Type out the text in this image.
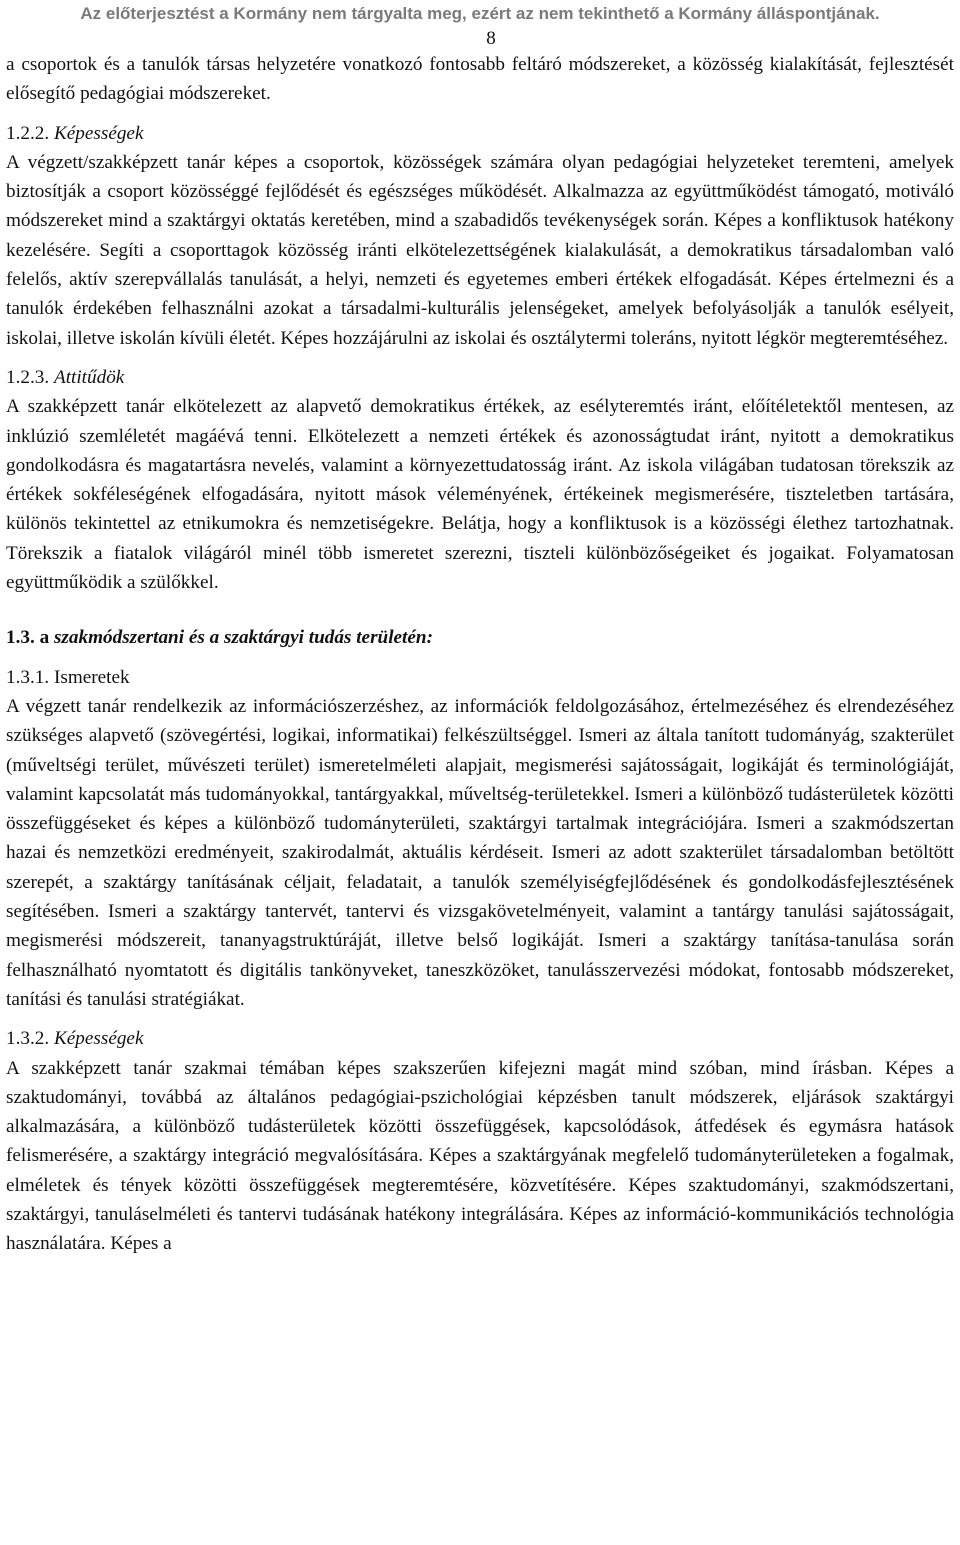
Az előterjesztést a Kormány nem tárgyalta meg, ezért az nem tekinthető a Kormány álláspontjának.
8

a csoportok és a tanulók társas helyzetére vonatkozó fontosabb feltáró módszereket, a közösség kialakítását, fejlesztését elősegítő pedagógiai módszereket.

1.2.2. Képességek

A végzett/szakképzett tanár képes a csoportok, közösségek számára olyan pedagógiai helyzeteket teremteni, amelyek biztosítják a csoport közösséggé fejlődését és egészséges működését. Alkalmazza az együttműködést támogató, motiváló módszereket mind a szaktárgyi oktatás keretében, mind a szabadidős tevékenységek során. Képes a konfliktusok hatékony kezelésére. Segíti a csoporttagok közösség iránti elkötelezettségének kialakulását, a demokratikus társadalomban való felelős, aktív szerepvállalás tanulását, a helyi, nemzeti és egyetemes emberi értékek elfogadását. Képes értelmezni és a tanulók érdekében felhasználni azokat a társadalmi-kulturális jelenségeket, amelyek befolyásolják a tanulók esélyeit, iskolai, illetve iskolán kívüli életét. Képes hozzájárulni az iskolai és osztálytermi toleráns, nyitott légkör megteremtéséhez.

1.2.3. Attitűdök

A szakképzett tanár elkötelezett az alapvető demokratikus értékek, az esélyteremtés iránt, előítéletektől mentesen, az inklúzió szemléletét magáévá tenni. Elkötelezett a nemzeti értékek és azonosságtudat iránt, nyitott a demokratikus gondolkodásra és magatartásra nevelés, valamint a környezettudatosság iránt. Az iskola világában tudatosan törekszik az értékek sokféleségének elfogadására, nyitott mások véleményének, értékeinek megismerésére, tiszteletben tartására, különös tekintettel az etnikumokra és nemzetiségekre. Belátja, hogy a konfliktusok is a közösségi élethez tartozhatnak. Törekszik a fiatalok világáról minél több ismeretet szerezni, tiszteli különbözőségeiket és jogaikat. Folyamatosan együttműködik a szülőkkel.

1.3. a szakmódszertani és a szaktárgyi tudás területén:
1.3.1. Ismeretek

A végzett tanár rendelkezik az információszerzéshez, az információk feldolgozásához, értelmezéséhez és elrendezéséhez szükséges alapvető (szövegértési, logikai, informatikai) felkészültséggel. Ismeri az általa tanított tudományág, szakterület (műveltségi terület, művészeti terület) ismeretelméleti alapjait, megismerési sajátosságait, logikáját és terminológiáját, valamint kapcsolatát más tudományokkal, tantárgyakkal, műveltség-területekkel. Ismeri a különböző tudásterületek közötti összefüggéseket és képes a különböző tudományterületi, szaktárgyi tartalmak integrációjára. Ismeri a szakmódszertan hazai és nemzetközi eredményeit, szakirodalmát, aktuális kérdéseit. Ismeri az adott szakterület társadalomban betöltött szerepét, a szaktárgy tanításának céljait, feladatait, a tanulók személyiségfejlődésének és gondolkodásfejlesztésének segítésében. Ismeri a szaktárgy tantervét, tantervi és vizsgakövetelményeit, valamint a tantárgy tanulási sajátosságait, megismerési módszereit, tananyagstruktúráját, illetve belső logikáját. Ismeri a szaktárgy tanítása-tanulása során felhasználható nyomtatott és digitális tankönyveket, taneszközöket, tanulásszervezési módokat, fontosabb módszereket, tanítási és tanulási stratégiákat.

1.3.2. Képességek

A szakképzett tanár szakmai témában képes szakszerűen kifejezni magát mind szóban, mind írásban. Képes a szaktudományi, továbbá az általános pedagógiai-pszichológiai képzésben tanult módszerek, eljárások szaktárgyi alkalmazására, a különböző tudásterületek közötti összefüggések, kapcsolódások, átfedések és egymásra hatások felismerésére, a szaktárgy integráció megvalósítására. Képes a szaktárgyának megfelelő tudományterületeken a fogalmak, elméletek és tények közötti összefüggések megteremtésére, közvetítésére. Képes szaktudományi, szakmódszertani, szaktárgyi, tanuláselméleti és tantervi tudásának hatékony integrálására. Képes az információ-kommunikációs technológia használatára. Képes a
